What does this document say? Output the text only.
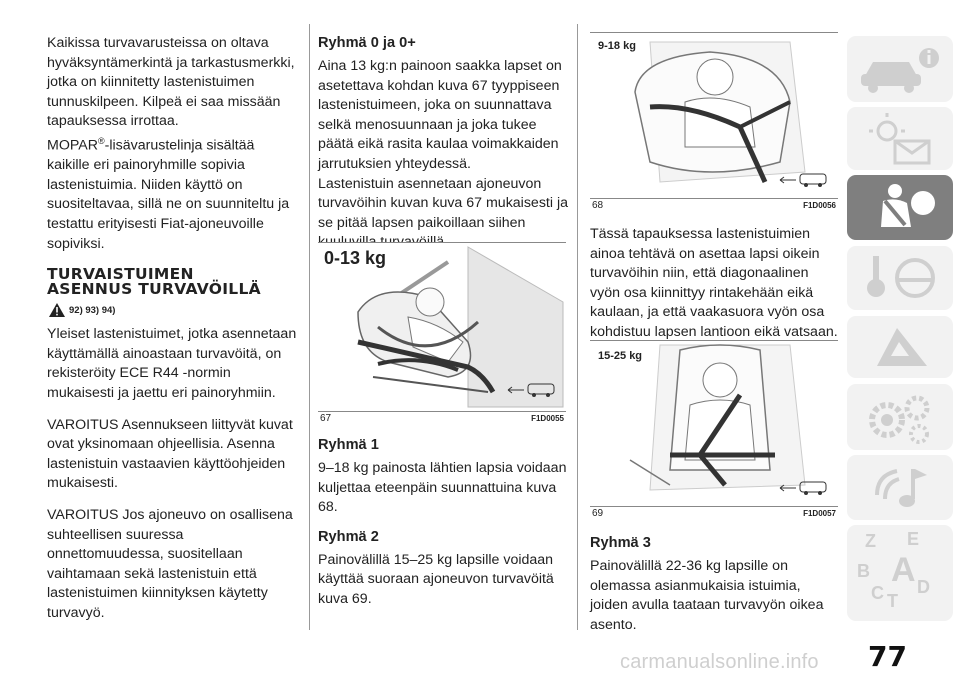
Kaikissa turvavarusteissa on oltava hyväksyntämerkintä ja tarkastusmerkki, jotka on kiinnitetty lastenistuimen tunnuskilpeen. Kilpeä ei saa missään tapauksessa irrottaa.

MOPAR®-lisävarustelinja sisältää kaikille eri painoryhmille sopivia lastenistuimia. Niiden käyttö on suositeltavaa, sillä ne on suunniteltu ja testattu erityisesti Fiat-ajoneuvoille sopiviksi.

TURVAISTUIMEN
ASENNUS TURVAVÖILLÄ
92) 93) 94)

Yleiset lastenistuimet, jotka asennetaan käyttämällä ainoastaan turvavöitä, on rekisteröity ECE R44 -normin mukaisesti ja jaettu eri painoryhmiin.

VAROITUS Asennukseen liittyvät kuvat ovat yksinomaan ohjeellisia. Asenna lastenistuin vastaavien käyttöohjeiden mukaisesti.

VAROITUS Jos ajoneuvo on osallisena suhteellisen suuressa onnettomuudessa, suositellaan vaihtamaan sekä lastenistuin että lastenistuimen kiinnityksen käytetty turvavyö.

Ryhmä 0 ja 0+

Aina 13 kg:n painoon saakka lapset on asetettava kohdan kuva 67 tyyppiseen lastenistuimeen, joka on suunnattava selkä menosuunnaan ja joka tukee päätä eikä rasita kaulaa voimakkaiden jarrutuksien yhteydessä.

Lastenistuin asennetaan ajoneuvon turvavöihin kuvan kuva 67 mukaisesti ja se pitää lapsen paikoillaan siihen

0-13 kg
67	F1D0055
Ryhmä 1

9–18 kg painosta lähtien lapsia voidaan kuljettaa eteenpäin suunnattuina kuva 68.

Ryhmä 2

Painovälillä 15–25 kg lapsille voidaan käyttää suoraan ajoneuvon turvavöitä kuva 69.

9-18 kg
68	F1D0056

Tässä tapauksessa lastenistuimien ainoa tehtävä on asettaa lapsi oikein turvavöihin niin, että diagonaalinen vyön osa kiinnittyy rintakehään eikä kaulaan, ja että vaakasuora vyön osa kohdistuu lapsen lantioon eikä vatsaan.

15-25 kg
69	F1D0057
Ryhmä 3

Painovälillä 22-36 kg lapsille on olemassa asianmukaisia istuimia, joiden avulla taataan turvavyön oikea asento.

Z E
B A
C T
D
77
carmanualsonline.info
